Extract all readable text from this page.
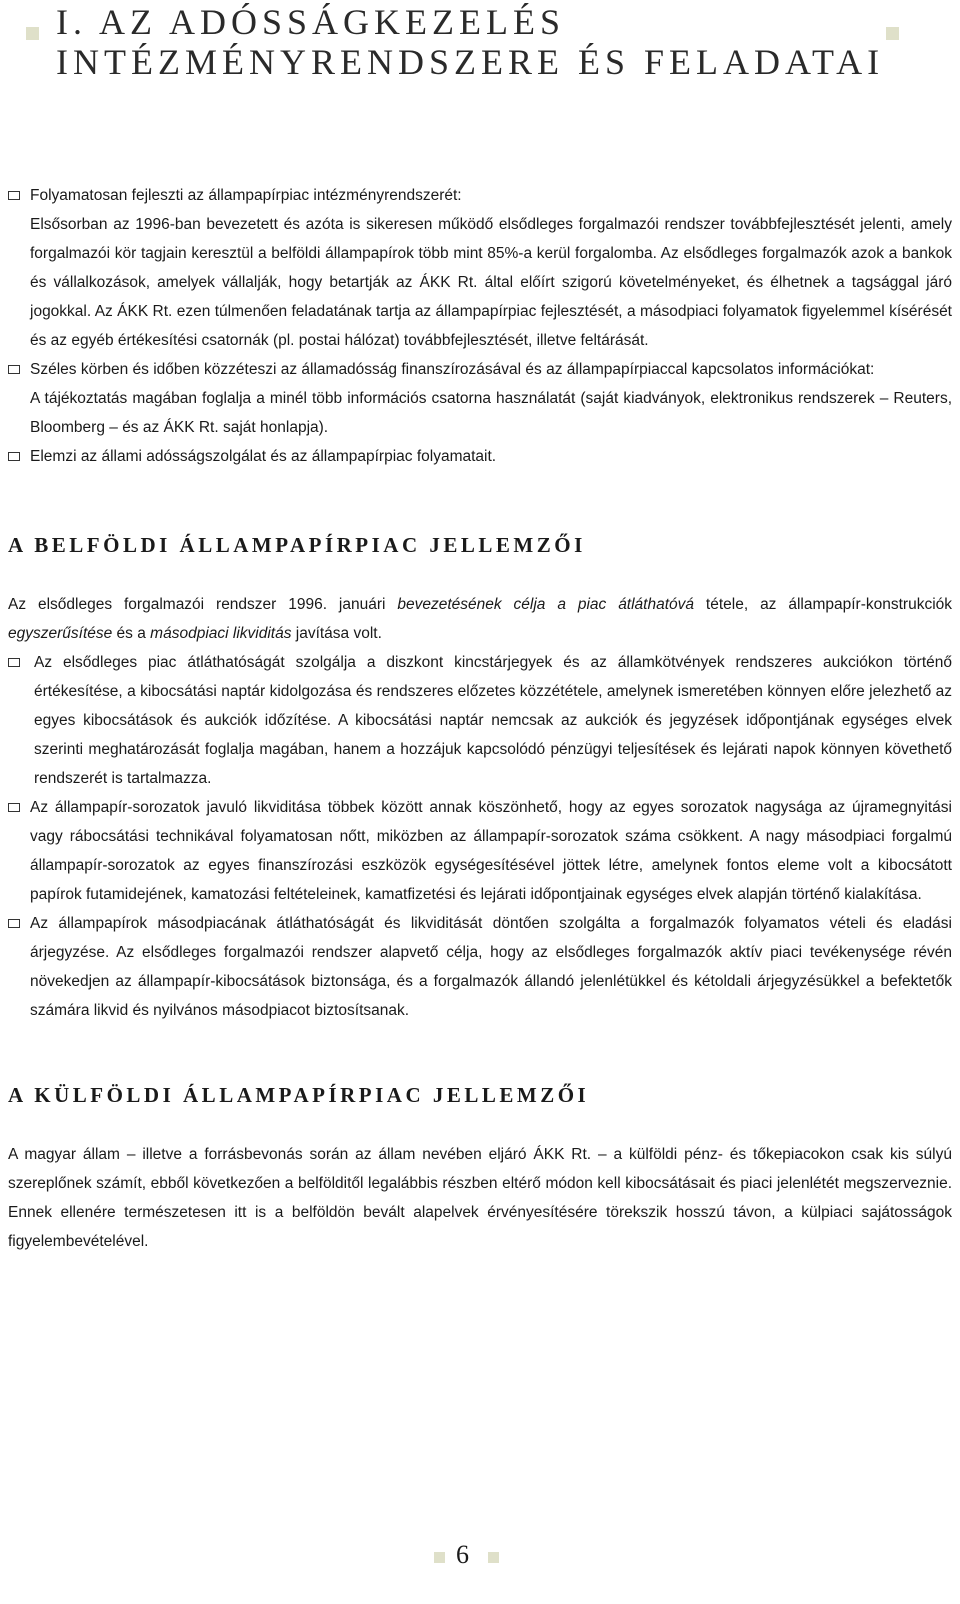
I. AZ ADÓSSÁGKEZELÉS
INTÉZMÉNYRENDSZERE ÉS FELADATAI
Folyamatosan fejleszti az állampapírpiac intézményrendszerét:
Elsősorban az 1996-ban bevezetett és azóta is sikeresen működő elsődleges forgalmazói rendszer továbbfejlesztését jelenti, amely forgalmazói kör tagjain keresztül a belföldi állampapírok több mint 85%-a kerül forgalomba. Az elsődleges forgalmazók azok a bankok és vállalkozások, amelyek vállalják, hogy betartják az ÁKK Rt. által előírt szigorú követelményeket, és élhetnek a tagsággal járó jogokkal. Az ÁKK Rt. ezen túlmenően feladatának tartja az állampapírpiac fejlesztését, a másodpiaci folyamatok figyelemmel kísérését és az egyéb értékesítési csatornák (pl. postai hálózat) továbbfejlesztését, illetve feltárását.
Széles körben és időben közzéteszi az államadósság finanszírozásával és az állampapírpiaccal kapcsolatos információkat:
A tájékoztatás magában foglalja a minél több információs csatorna használatát (saját kiadványok, elektronikus rendszerek – Reuters, Bloomberg – és az ÁKK Rt. saját honlapja).
Elemzi az állami adósságszolgálat és az állampapírpiac folyamatait.
A BELFÖLDI ÁLLAMPAPÍRPIAC JELLEMZŐI

Az elsődleges forgalmazói rendszer 1996. januári bevezetésének célja a piac átláthatóvá tétele, az állampapír-konstrukciók egyszerűsítése és a másodpiaci likviditás javítása volt.

Az elsődleges piac átláthatóságát szolgálja a diszkont kincstárjegyek és az államkötvények rendszeres aukciókon történő értékesítése, a kibocsátási naptár kidolgozása és rendszeres előzetes közzététele, amelynek ismeretében könnyen előre jelezhető az egyes kibocsátások és aukciók időzítése. A kibocsátási naptár nemcsak az aukciók és jegyzések időpontjának egységes elvek szerinti meghatározását foglalja magában, hanem a hozzájuk kapcsolódó pénzügyi teljesítések és lejárati napok könnyen követhető rendszerét is tartalmazza.
Az állampapír-sorozatok javuló likviditása többek között annak köszönhető, hogy az egyes sorozatok nagysága az újramegnyitási vagy rábocsátási technikával folyamatosan nőtt, miközben az állampapír-sorozatok száma csökkent. A nagy másodpiaci forgalmú állampapír-sorozatok az egyes finanszírozási eszközök egységesítésével jöttek létre, amelynek fontos eleme volt a kibocsátott papírok futamidejének, kamatozási feltételeinek, kamatfizetési és lejárati időpontjainak egységes elvek alapján történő kialakítása.
Az állampapírok másodpiacának átláthatóságát és likviditását döntően szolgálta a forgalmazók folyamatos vételi és eladási árjegyzése. Az elsődleges forgalmazói rendszer alapvető célja, hogy az elsődleges forgalmazók aktív piaci tevékenysége révén növekedjen az állampapír-kibocsátások biztonsága, és a forgalmazók állandó jelenlétükkel és kétoldali árjegyzésükkel a befektetők számára likvid és nyilvános másodpiacot biztosítsanak.
A KÜLFÖLDI ÁLLAMPAPÍRPIAC JELLEMZŐI

A magyar állam – illetve a forrásbevonás során az állam nevében eljáró ÁKK Rt. – a külföldi pénz- és tőkepiacokon csak kis súlyú szereplőnek számít, ebből következően a belfölditől legalábbis részben eltérő módon kell kibocsátásait és piaci jelenlétét megszerveznie. Ennek ellenére természetesen itt is a belföldön bevált alapelvek érvényesítésére törekszik hosszú távon, a külpiaci sajátosságok figyelembevételével.

6
